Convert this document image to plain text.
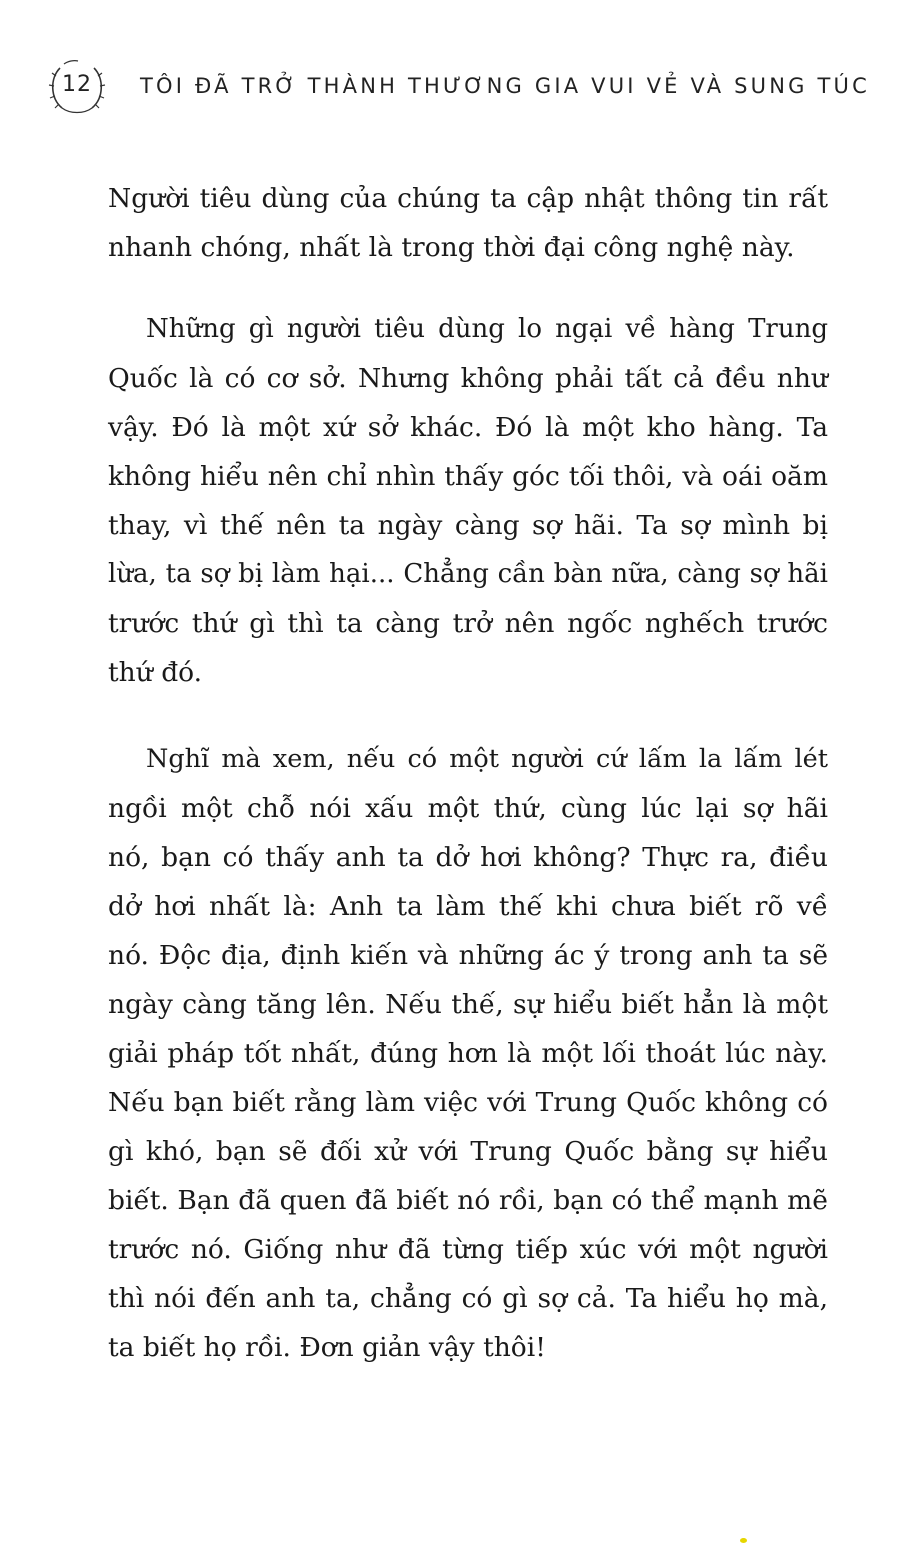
12	TÔI ĐÃ TRỞ THÀNH THƯƠNG GIA VUI VẺ VÀ SUNG TÚC
Người tiêu dùng của chúng ta cập nhật thông tin rất
nhanh chóng, nhất là trong thời đại công nghệ này.
Những gì người tiêu dùng lo ngại về hàng Trung
Quốc là có cơ sở. Nhưng không phải tất cả đều như
vậy. Đó là một xứ sở khác. Đó là một kho hàng. Ta
không hiểu nên chỉ nhìn thấy góc tối thôi, và oái oăm
thay, vì thế nên ta ngày càng sợ hãi. Ta sợ mình bị
lừa, ta sợ bị làm hại... Chẳng cần bàn nữa, càng sợ hãi
trước thứ gì thì ta càng trở nên ngốc nghếch trước
thứ đó.
Nghĩ mà xem, nếu có một người cứ lấm la lấm lét
ngồi một chỗ nói xấu một thứ, cùng lúc lại sợ hãi
nó, bạn có thấy anh ta dở hơi không? Thực ra, điều
dở hơi nhất là: Anh ta làm thế khi chưa biết rõ về
nó. Độc địa, định kiến và những ác ý trong anh ta sẽ
ngày càng tăng lên. Nếu thế, sự hiểu biết hẳn là một
giải pháp tốt nhất, đúng hơn là một lối thoát lúc này.
Nếu bạn biết rằng làm việc với Trung Quốc không có
gì khó, bạn sẽ đối xử với Trung Quốc bằng sự hiểu
biết. Bạn đã quen đã biết nó rồi, bạn có thể mạnh mẽ
trước nó. Giống như đã từng tiếp xúc với một người
thì nói đến anh ta, chẳng có gì sợ cả. Ta hiểu họ mà,
ta biết họ rồi. Đơn giản vậy thôi!
